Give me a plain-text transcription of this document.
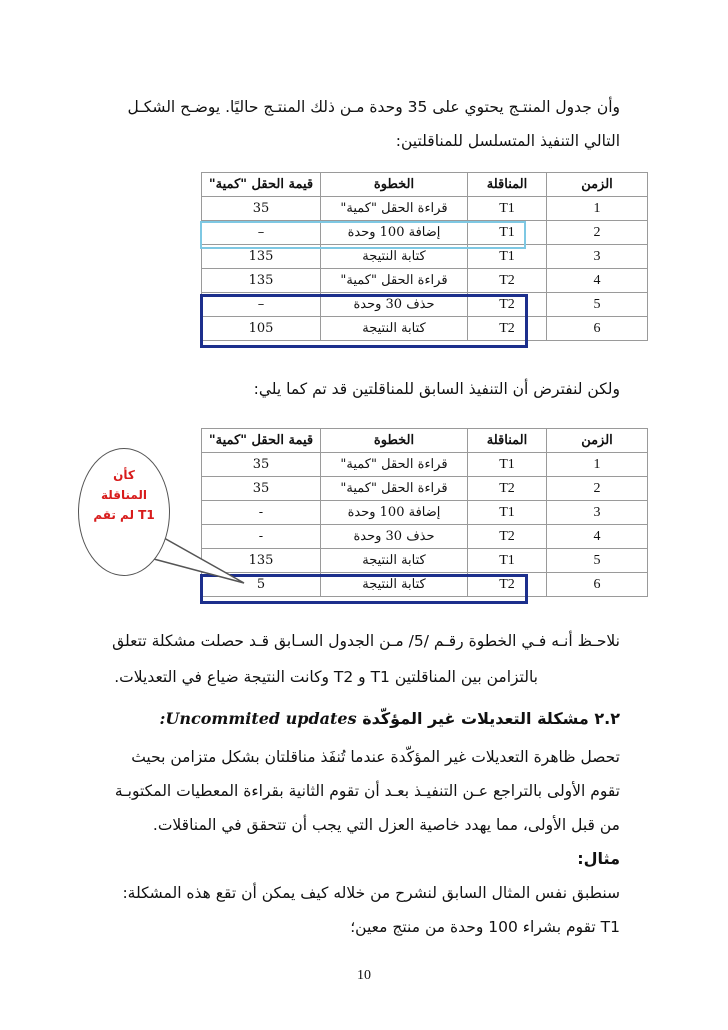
وأن جدول المنتـج يحتوي على 35 وحدة مـن ذلك المنتـج حاليًا. يوضـح الشكـل

التالي التنفيذ المتسلسل للمناقلتين:

الزمن	المناقلة	الخطوة	قيمة الحقل "كمية"
1	T1	قراءة الحقل "كمية"	35
2	T1	إضافة 100 وحدة	–
3	T1	كتابة النتيجة	135
4	T2	قراءة الحقل "كمية"	135
5	T2	حذف 30 وحدة	–
6	T2	كتابة النتيجة	105

ولكن لنفترض أن التنفيذ السابق للمناقلتين قد تم كما يلي:

الزمن	المناقلة	الخطوة	قيمة الحقل "كمية"
1	T1	قراءة الحقل "كمية"	35
2	T2	قراءة الحقل "كمية"	35
3	T1	إضافة 100 وحدة	-
4	T2	حذف 30 وحدة	-
5	T1	كتابة النتيجة	135
6	T2	كتابة النتيجة	5
كأن
المناقلة
T1 لم تقم

نلاحـظ أنـه فـي الخطوة رقـم /5/ مـن الجدول السـابق قـد حصلت مشكلة تتعلق

بالتزامن بين المناقلتين T1 و T2 وكانت النتيجة ضياع في التعديلات.

٢.٢ مشكلة التعديلات غير المؤكّدة Uncommited updates:

تحصل ظاهرة التعديلات غير المؤكّدة عندما تُنفَذ مناقلتان بشكل متزامن بحيث

تقوم الأولى بالتراجع عـن التنفيـذ بعـد أن تقوم الثانية بقراءة المعطيات المكتوبـة

من قبل الأولى، مما يهدد خاصية العزل التي يجب أن تتحقق في المناقلات.

مثال:

سنطبق نفس المثال السابق لنشرح من خلاله كيف يمكن أن تقع هذه المشكلة:

T1 تقوم بشراء 100 وحدة من منتج معين؛

10
